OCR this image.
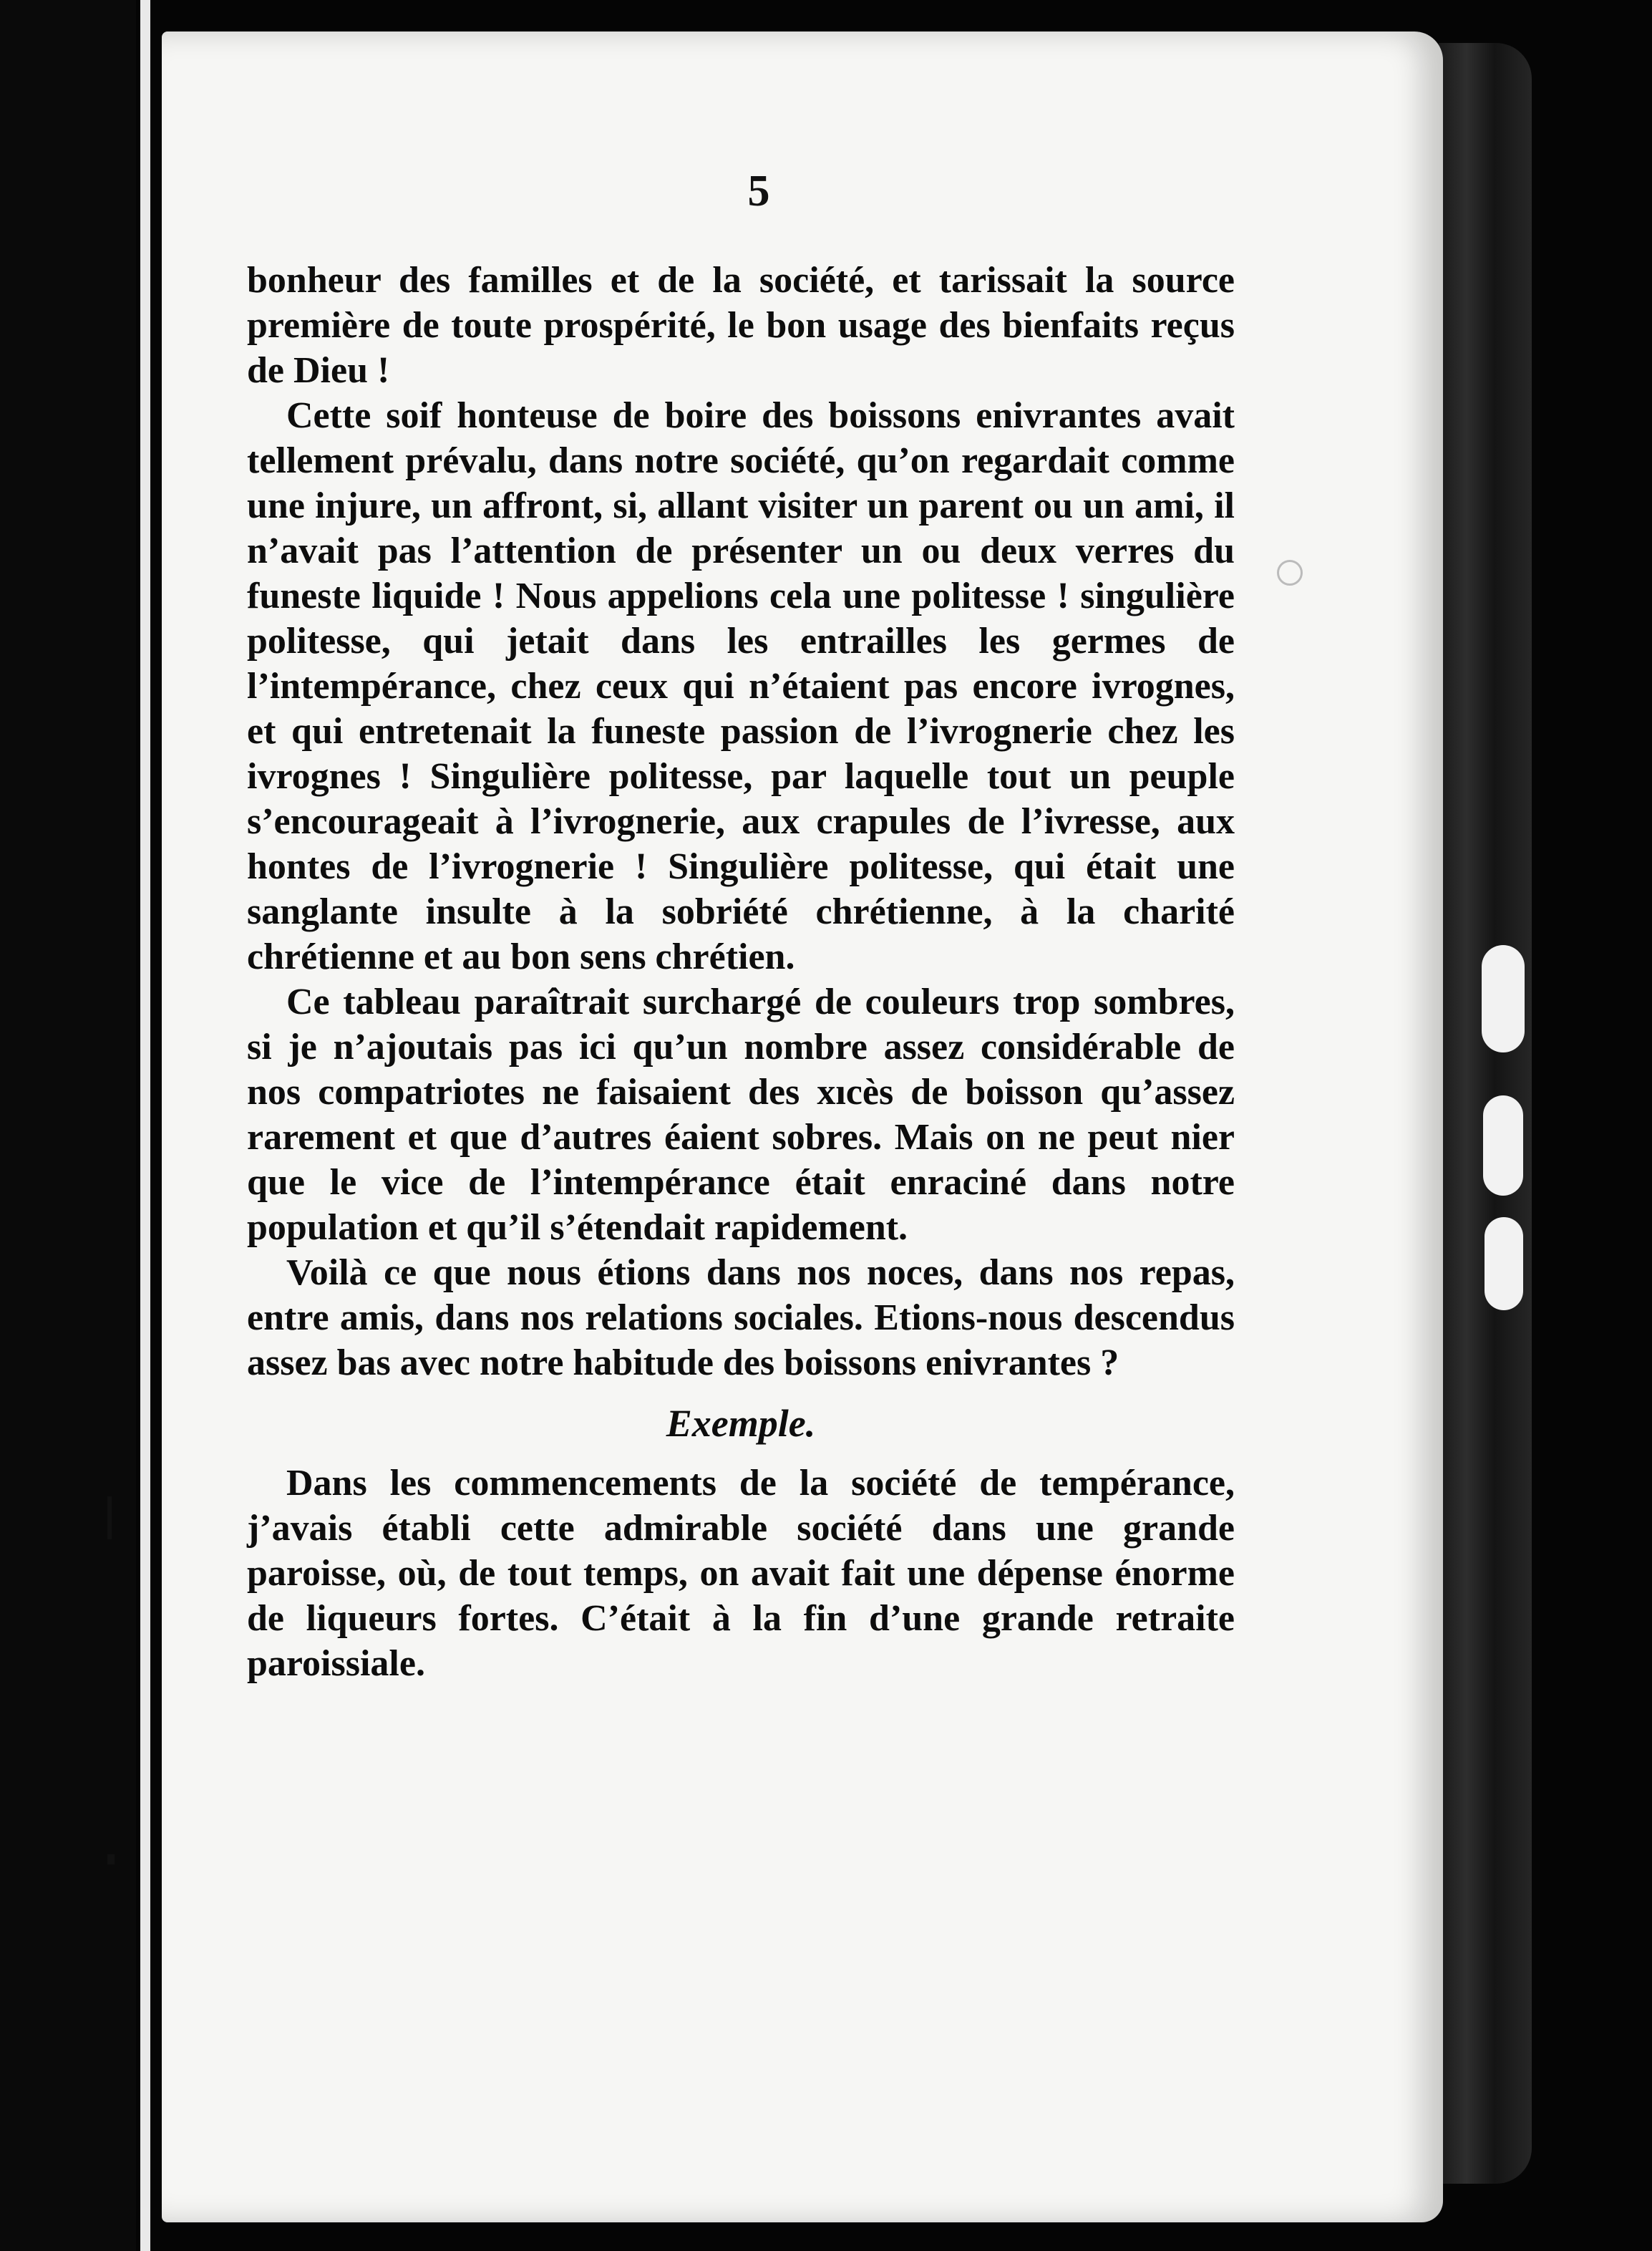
5

bonheur des familles et de la société, et tarissait la source première de toute prospérité, le bon usage des bienfaits reçus de Dieu !

Cette soif honteuse de boire des boissons enivrantes avait tellement prévalu, dans notre société, qu’on regardait comme une injure, un affront, si, allant visiter un parent ou un ami, il n’avait pas l’attention de présenter un ou deux verres du funeste liquide ! Nous appelions cela une politesse ! singulière politesse, qui jetait dans les entrailles les germes de l’intempérance, chez ceux qui n’étaient pas encore ivrognes, et qui entretenait la funeste passion de l’ivrognerie chez les ivrognes ! Singulière politesse, par laquelle tout un peuple s’encourageait à l’ivrognerie, aux crapules de l’ivresse, aux hontes de l’ivrognerie ! Singulière politesse, qui était une sanglante insulte à la sobriété chrétienne, à la charité chrétienne et au bon sens chrétien.

Ce tableau paraîtrait surchargé de couleurs trop sombres, si je n’ajoutais pas ici qu’un nombre assez considérable de nos compatriotes ne faisaient des xıcès de boisson qu’assez rarement et que d’autres éaient sobres. Mais on ne peut nier que le vice de l’intempérance était enraciné dans notre population et qu’il s’étendait rapidement.

Voilà ce que nous étions dans nos noces, dans nos repas, entre amis, dans nos relations sociales. Etions-nous descendus assez bas avec notre habitude des boissons enivrantes ?

Exemple.

Dans les commencements de la société de tempérance, j’avais établi cette admirable société dans une grande paroisse, où, de tout temps, on avait fait une dépense énorme de liqueurs fortes. C’était à la fin d’une grande retraite paroissiale.
